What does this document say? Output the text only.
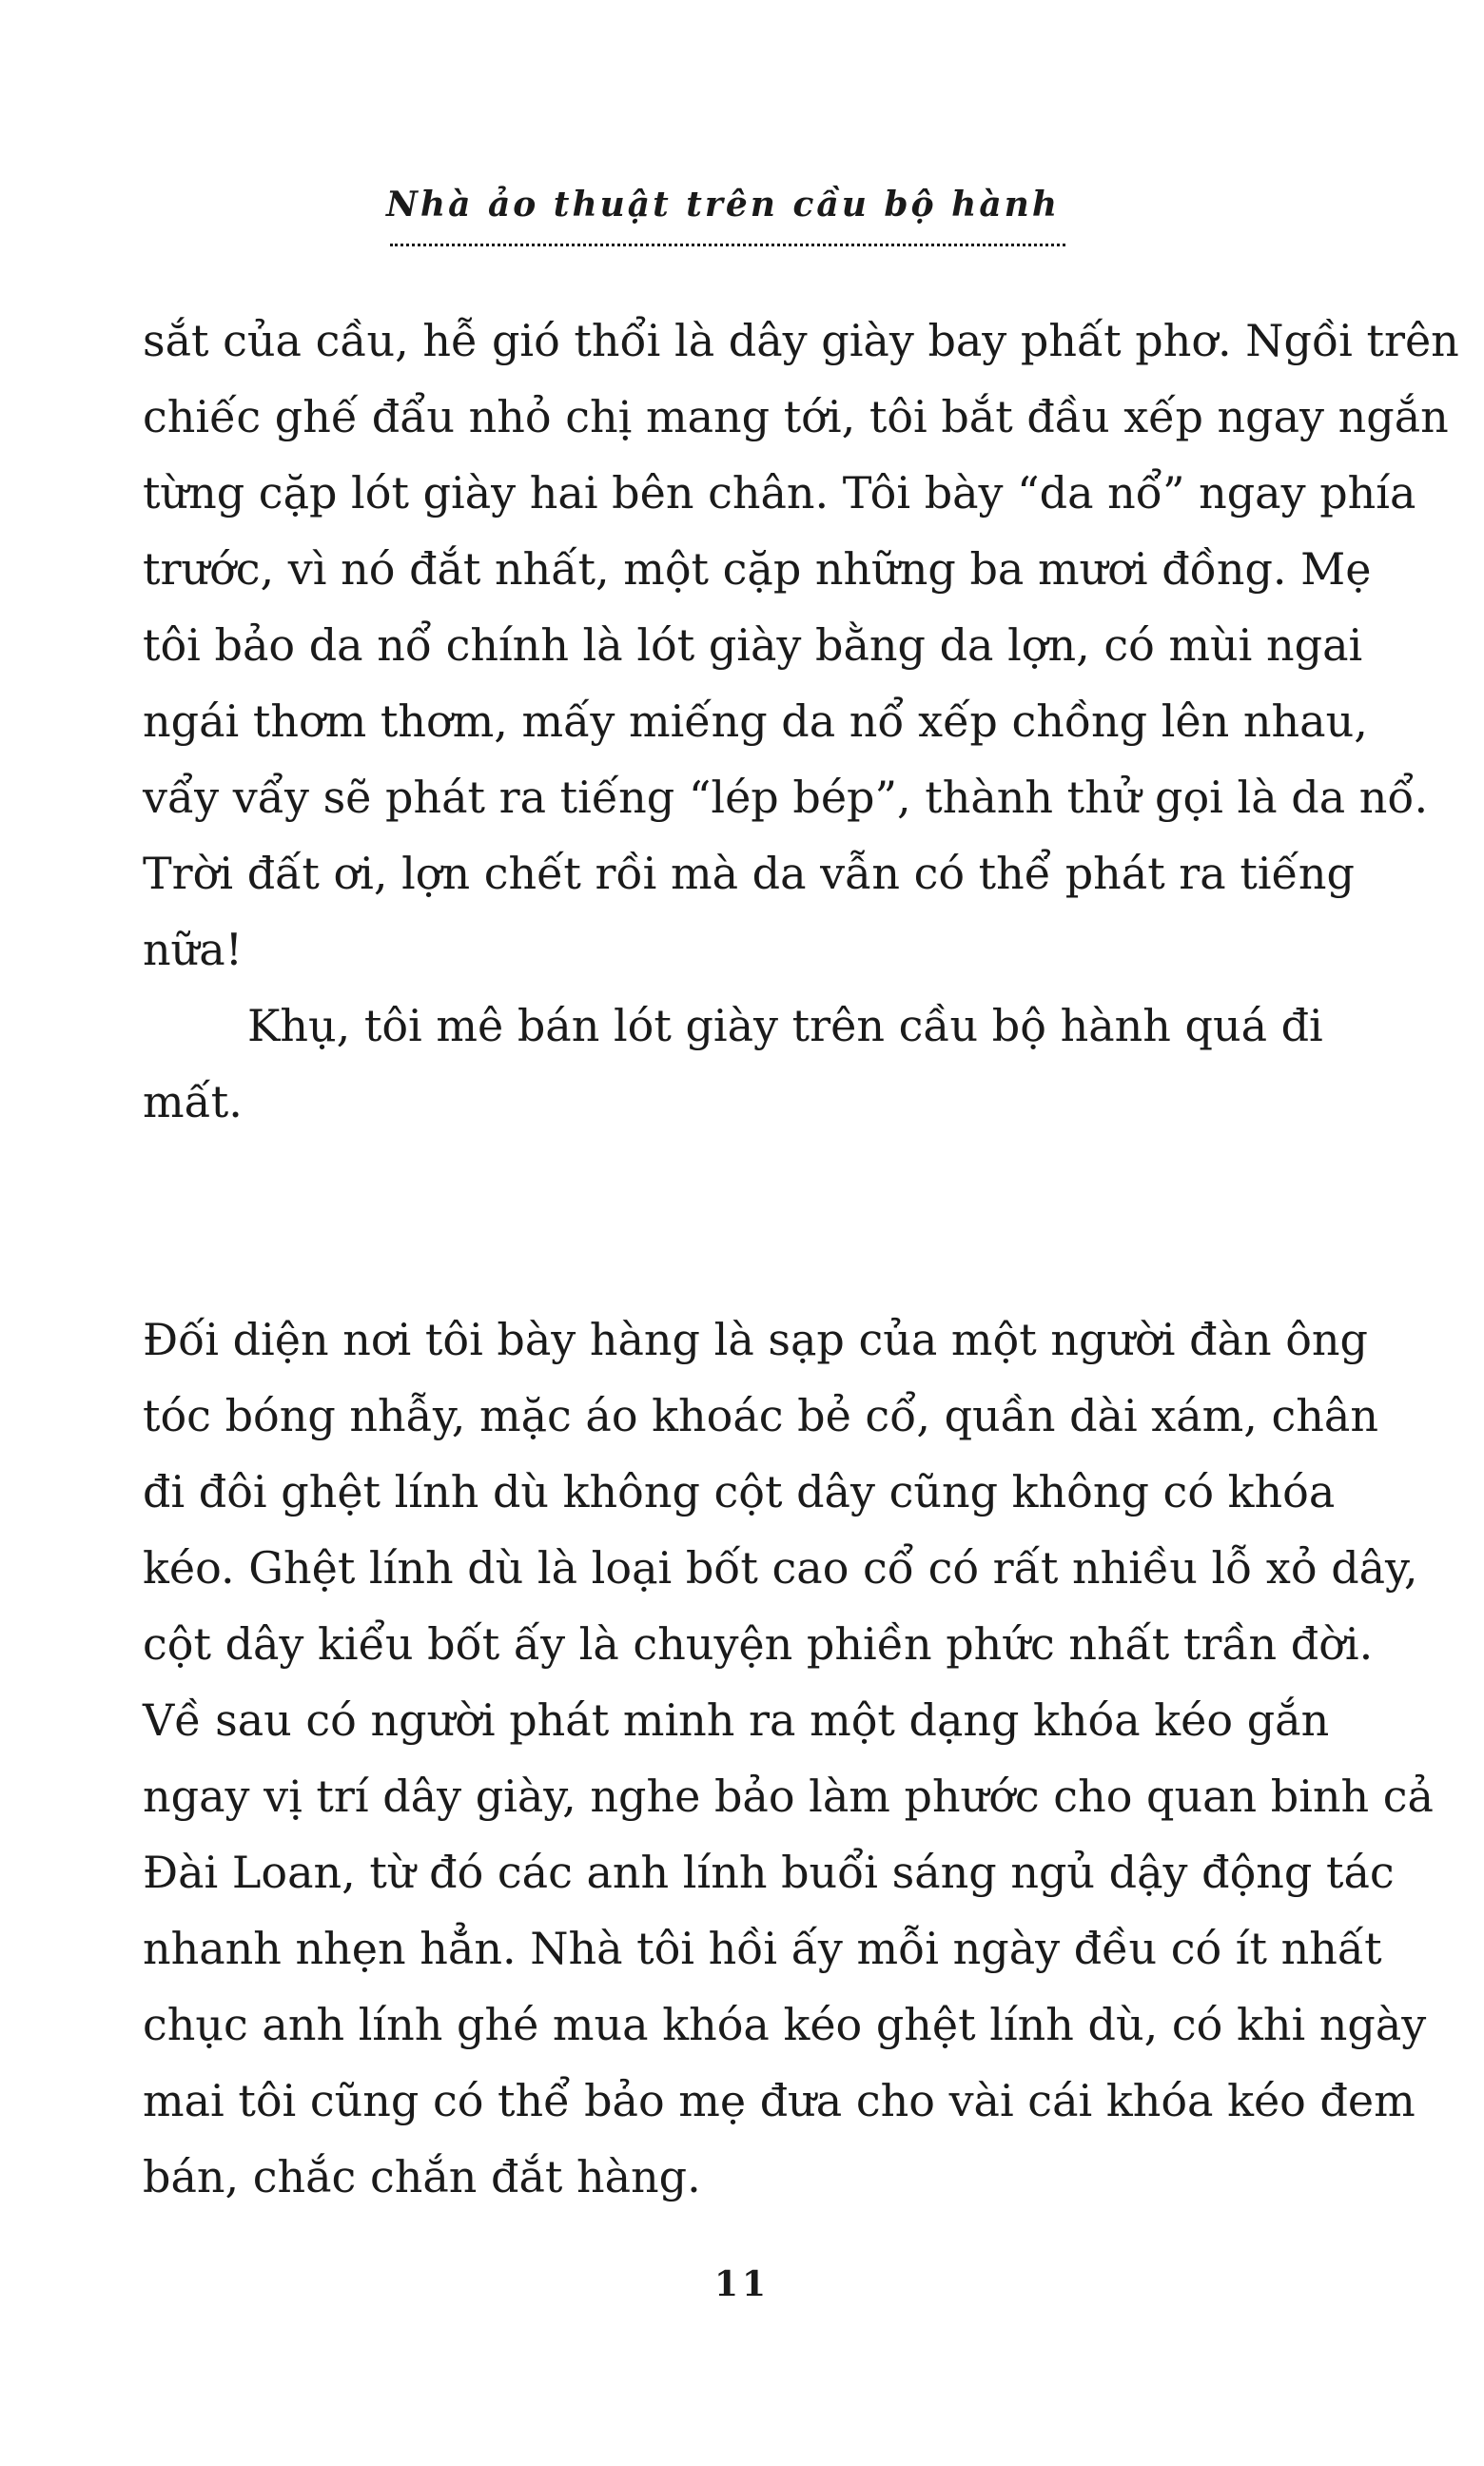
Nhà ảo thuật trên cầu bộ hành
sắt của cầu, hễ gió thổi là dây giày bay phất phơ. Ngồi trên
chiếc ghế đẩu nhỏ chị mang tới, tôi bắt đầu xếp ngay ngắn
từng cặp lót giày hai bên chân. Tôi bày “da nổ” ngay phía
trước, vì nó đắt nhất, một cặp những ba mươi đồng. Mẹ
tôi bảo da nổ chính là lót giày bằng da lợn, có mùi ngai
ngái thơm thơm, mấy miếng da nổ xếp chồng lên nhau,
vẩy vẩy sẽ phát ra tiếng “lép bép”, thành thử gọi là da nổ.
Trời đất ơi, lợn chết rồi mà da vẫn có thể phát ra tiếng
nữa!
Khụ, tôi mê bán lót giày trên cầu bộ hành quá đi
mất.
Đối diện nơi tôi bày hàng là sạp của một người đàn ông
tóc bóng nhẫy, mặc áo khoác bẻ cổ, quần dài xám, chân
đi đôi ghệt lính dù không cột dây cũng không có khóa
kéo. Ghệt lính dù là loại bốt cao cổ có rất nhiều lỗ xỏ dây,
cột dây kiểu bốt ấy là chuyện phiền phức nhất trần đời.
Về sau có người phát minh ra một dạng khóa kéo gắn
ngay vị trí dây giày, nghe bảo làm phước cho quan binh cả
Đài Loan, từ đó các anh lính buổi sáng ngủ dậy động tác
nhanh nhẹn hẳn. Nhà tôi hồi ấy mỗi ngày đều có ít nhất
chục anh lính ghé mua khóa kéo ghệt lính dù, có khi ngày
mai tôi cũng có thể bảo mẹ đưa cho vài cái khóa kéo đem
bán, chắc chắn đắt hàng.
11
